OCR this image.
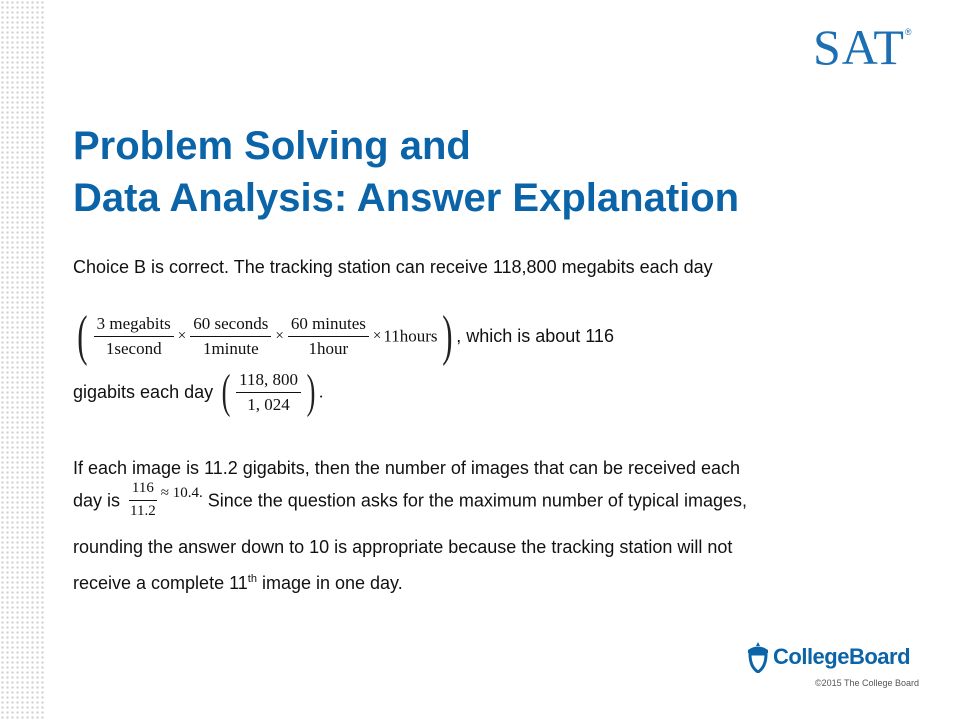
SAT®
Problem Solving and
Data Analysis: Answer Explanation
Choice B is correct. The tracking station can receive 118,800 megabits each day
( $\frac{\text{3 megabits}}{\text{1second}} \times \frac{\text{60 seconds}}{\text{1minute}} \times \frac{\text{60 minutes}}{\text{1hour}}$ × 11hours) , which is about 116
gigabits each day ( $\frac{118, 800}{1, 024}$ ) .
If each image is 11.2 gigabits, then the number of images that can be received each
day is $\frac{116}{11.2} ^{\approx 10.4.}$ Since the question asks for the maximum number of typical images,
rounding the answer down to 10 is appropriate because the tracking station will not
receive a complete 11th image in one day.
CollegeBoard
©2015 The College Board
